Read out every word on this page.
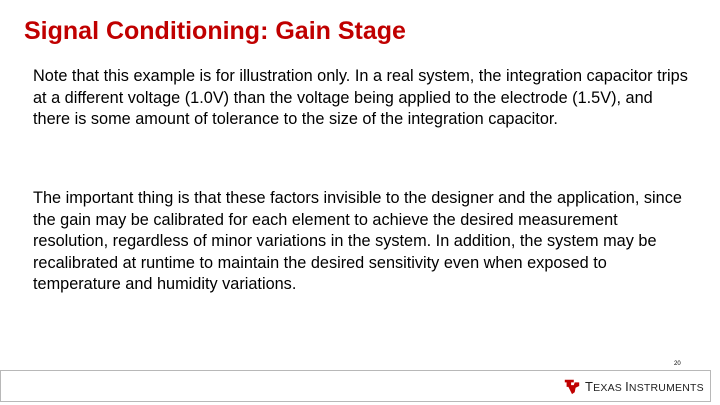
Signal Conditioning: Gain Stage

Note that this example is for illustration only. In a real system, the integration capacitor trips at a different voltage (1.0V) than the voltage being applied to the electrode (1.5V), and there is some amount of tolerance to the size of the integration capacitor.

The important thing is that these factors invisible to the designer and the application, since the gain may be calibrated for each element to achieve the desired measurement resolution, regardless of minor variations in the system. In addition, the system may be recalibrated at runtime to maintain the desired sensitivity even when exposed to temperature and humidity variations.

20
TEXAS INSTRUMENTS
